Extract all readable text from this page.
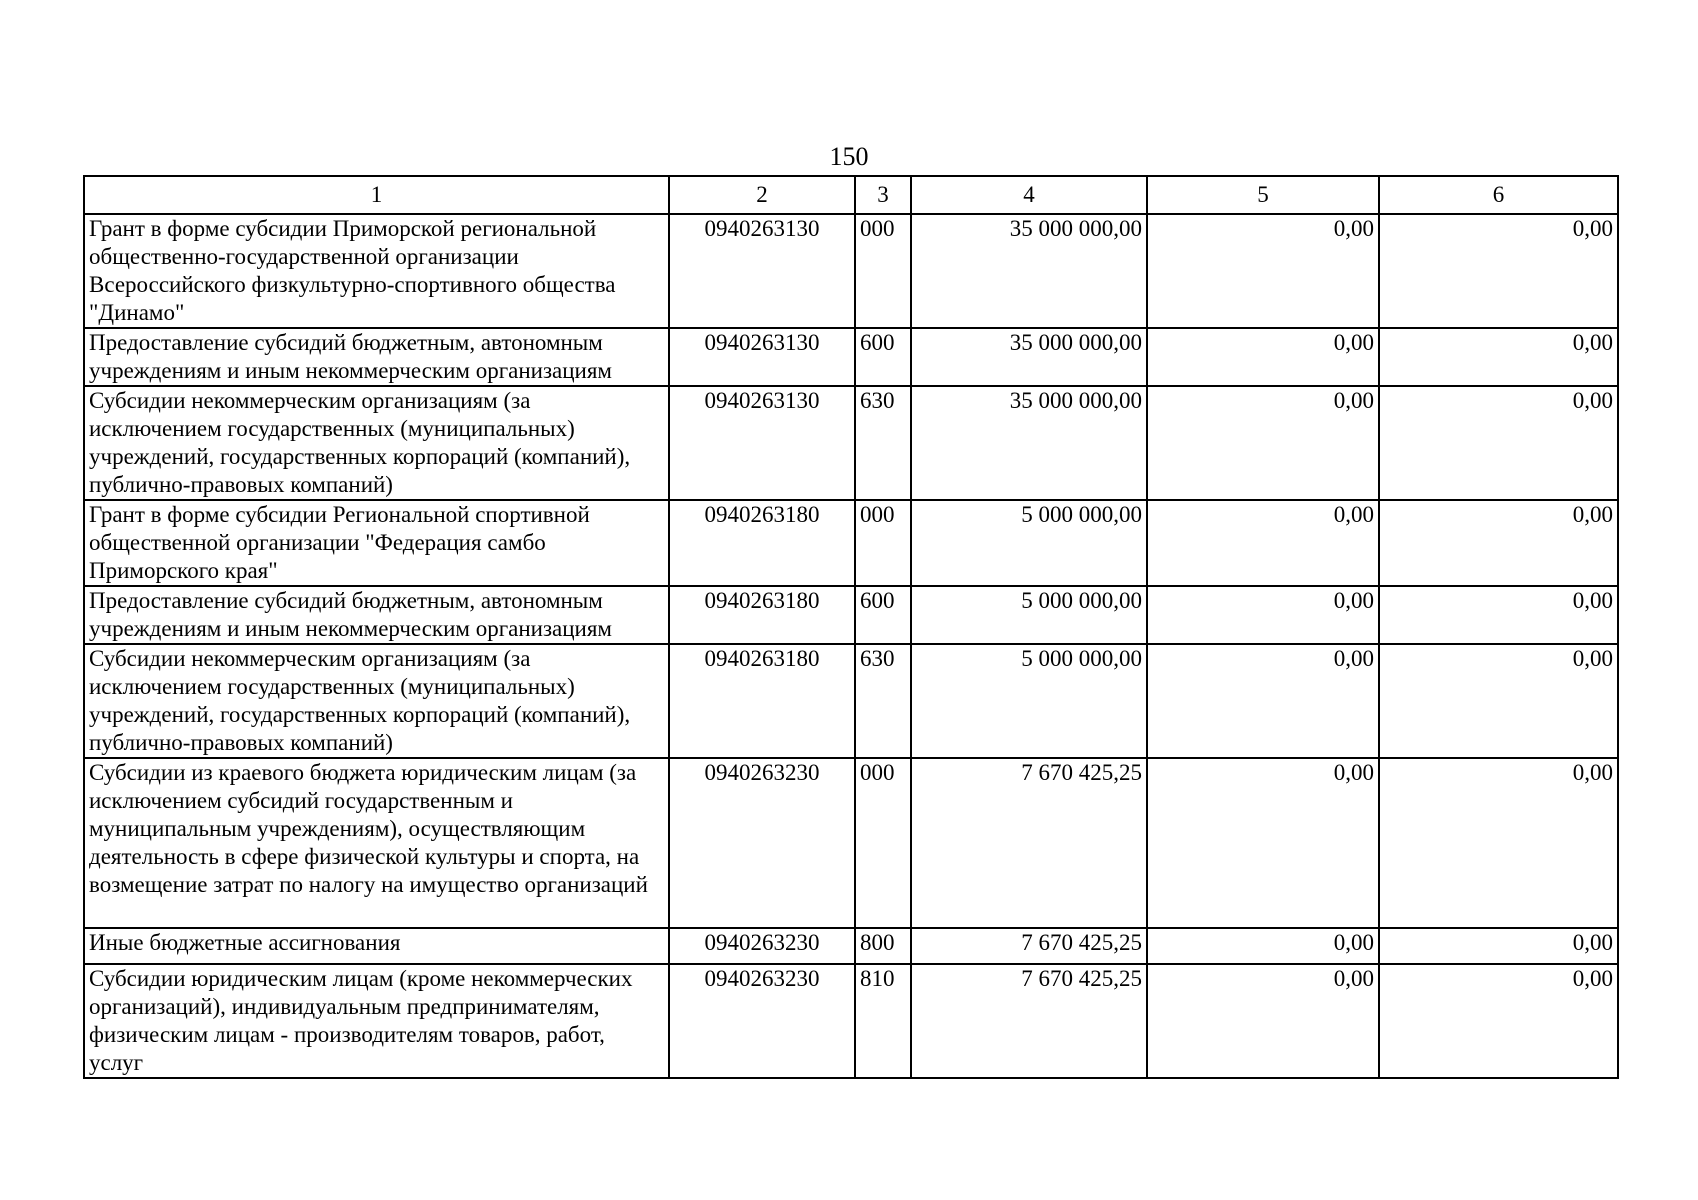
150
1	2	3	4	5	6
Грант в форме субсидии Приморской региональной общественно-государственной организации Всероссийского физкультурно-спортивного общества "Динамо"	0940263130	000	35 000 000,00	0,00	0,00
Предоставление субсидий бюджетным, автономным учреждениям и иным некоммерческим организациям	0940263130	600	35 000 000,00	0,00	0,00
Субсидии некоммерческим организациям (за исключением государственных (муниципальных) учреждений, государственных корпораций (компаний), публично-правовых компаний)	0940263130	630	35 000 000,00	0,00	0,00
Грант в форме субсидии Региональной спортивной общественной организации "Федерация самбо Приморского края"	0940263180	000	5 000 000,00	0,00	0,00
Предоставление субсидий бюджетным, автономным учреждениям и иным некоммерческим организациям	0940263180	600	5 000 000,00	0,00	0,00
Субсидии некоммерческим организациям (за исключением государственных (муниципальных) учреждений, государственных корпораций (компаний), публично-правовых компаний)	0940263180	630	5 000 000,00	0,00	0,00
Субсидии из краевого бюджета юридическим лицам (за исключением субсидий государственным и муниципальным учреждениям), осуществляющим деятельность в сфере физической культуры и спорта, на возмещение затрат по налогу на имущество организаций	0940263230	000	7 670 425,25	0,00	0,00
Иные бюджетные ассигнования	0940263230	800	7 670 425,25	0,00	0,00
Субсидии юридическим лицам (кроме некоммерческих организаций), индивидуальным предпринимателям, физическим лицам - производителям товаров, работ, услуг	0940263230	810	7 670 425,25	0,00	0,00
